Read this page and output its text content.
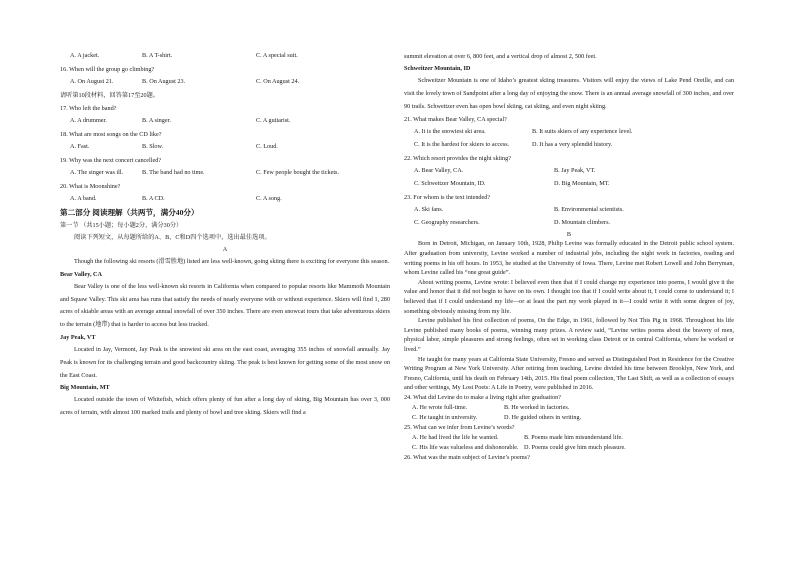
A. A jacket.	B. A T-shirt.	C. A special suit.
16. When will the group go climbing?
A. On August 21.	B. On August 23.	C. On August 24.
请听第10段材料，回答第17至20题。
17. Who left the band?
A. A drummer.	B. A singer.	C. A guitarist.
18. What are most songs on the CD like?
A. Fast.	B. Slow.	C. Loud.
19. Why was the next concert cancelled?
A. The singer was ill.	B. The band had no time.	C. Few people bought the tickets.
20. What is Moonshine?
A. A band.	B. A CD.	C. A song.
第二部分 阅读理解（共两节，满分40分）
第一节 （共15小题；每小题2分，满分30分）
阅读下列短文，从每题所给的A、B、C和D四个选项中，选出最佳选项。
A
Though the following ski resorts (滑雪胜地) listed are less well-known, going skiing there is exciting for everyone this season.
Bear Valley, CA
Bear Valley is one of the less well-known ski resorts in California when compared to popular resorts like Mammoth Mountain and Squaw Valley. This ski area has runs that satisfy the needs of nearly everyone with or without experience. Skiers will find 1, 280 acres of skiable areas with an average annual snowfall of over 350 inches. There are even snowcat tours that take adventurous skiers to the terrain (地带) that is harder to access but less tracked.
Jay Peak, VT
Located in Jay, Vermont, Jay Peak is the snowiest ski area on the east coast, averaging 355 inches of snowfall annually. Jay Peak is known for its challenging terrain and good backcountry skiing. The peak is best known for getting some of the most snow on the East Coast.
Big Mountain, MT
Located outside the town of Whitefish, which offers plenty of fun after a long day of skiing, Big Mountain has over 3, 000 acres of terrain, with almost 100 marked trails and plenty of bowl and tree skiing. Skiers will find a
summit elevation at over 6, 800 feet, and a vertical drop of almost 2, 500 feet.
Schweitzer Mountain, ID
Schweitzer Mountain is one of Idaho’s greatest skiing treasures. Visitors will enjoy the views of Lake Pend Oreille, and can visit the lovely town of Sandpoint after a long day of enjoying the snow. There is an annual average snowfall of 300 inches, and over 90 trails. Schweitzer even has open bowl skiing, cat skiing, and even night skiing.
21. What makes Bear Valley, CA special?
A. It is the snowiest ski area.	B. It suits skiers of any experience level.
C. It is the hardest for skiers to access.	D. It has a very splendid history.
22. Which resort provides the night skiing?
A. Bear Valley, CA.	B. Jay Peak, VT.
C. Schweitzer Mountain, ID.	D. Big Mountain, MT.
23. For whom is the text intended?
A. Ski fans.	B. Environmental scientists.
C. Geography researchers.	D. Mountain climbers.
B
Born in Detroit, Michigan, on January 10th, 1928, Philip Levine was formally educated in the Detroit public school system. After graduation from university, Levine worked a number of industrial jobs, including the night work in factories, reading and writing poems in his off hours. In 1953, he studied at the University of Iowa. There, Levine met Robert Lowell and John Berryman, whom Levine called his “one great guide”.
About writing poems, Levine wrote: I believed even then that if I could change my experience into poems, I would give it the value and honor that it did not begin to have on its own. I thought too that if I could write about it, I could come to understand it; I believed that if I could understand my life—or at least the part my work played in it—I could write it with some degree of joy, something obviously missing from my life.
Levine published his first collection of poems, On the Edge, in 1961, followed by Not This Pig in 1968. Throughout his life Levine published many books of poems, winning many prizes. A review said, “Levine writes poems about the bravery of men, physical labor, simple pleasures and strong feelings, often set in working class Detroit or in central California, where he worked or lived.”
He taught for many years at California State University, Fresno and served as Distinguished Poet in Residence for the Creative Writing Program at New York University. After retiring from teaching, Levine divided his time between Brooklyn, New York, and Fresno, California, until his death on February 14th, 2015. His final poem collection, The Last Shift, as well as a collection of essays and other writings, My Lost Poets: A Life in Poetry, were published in 2016.
24. What did Levine do to make a living right after graduation?
A. He wrote full-time.	B. He worked in factories.
C. He taught in university.	D. He guided others in writing.
25. What can we infer from Levine’s words?
A. He had lived the life he wanted.	B. Poems made him misunderstand life.
C. His life was valueless and dishonorable. D. Poems could give him much pleasure.
26. What was the main subject of Levine’s poems?
